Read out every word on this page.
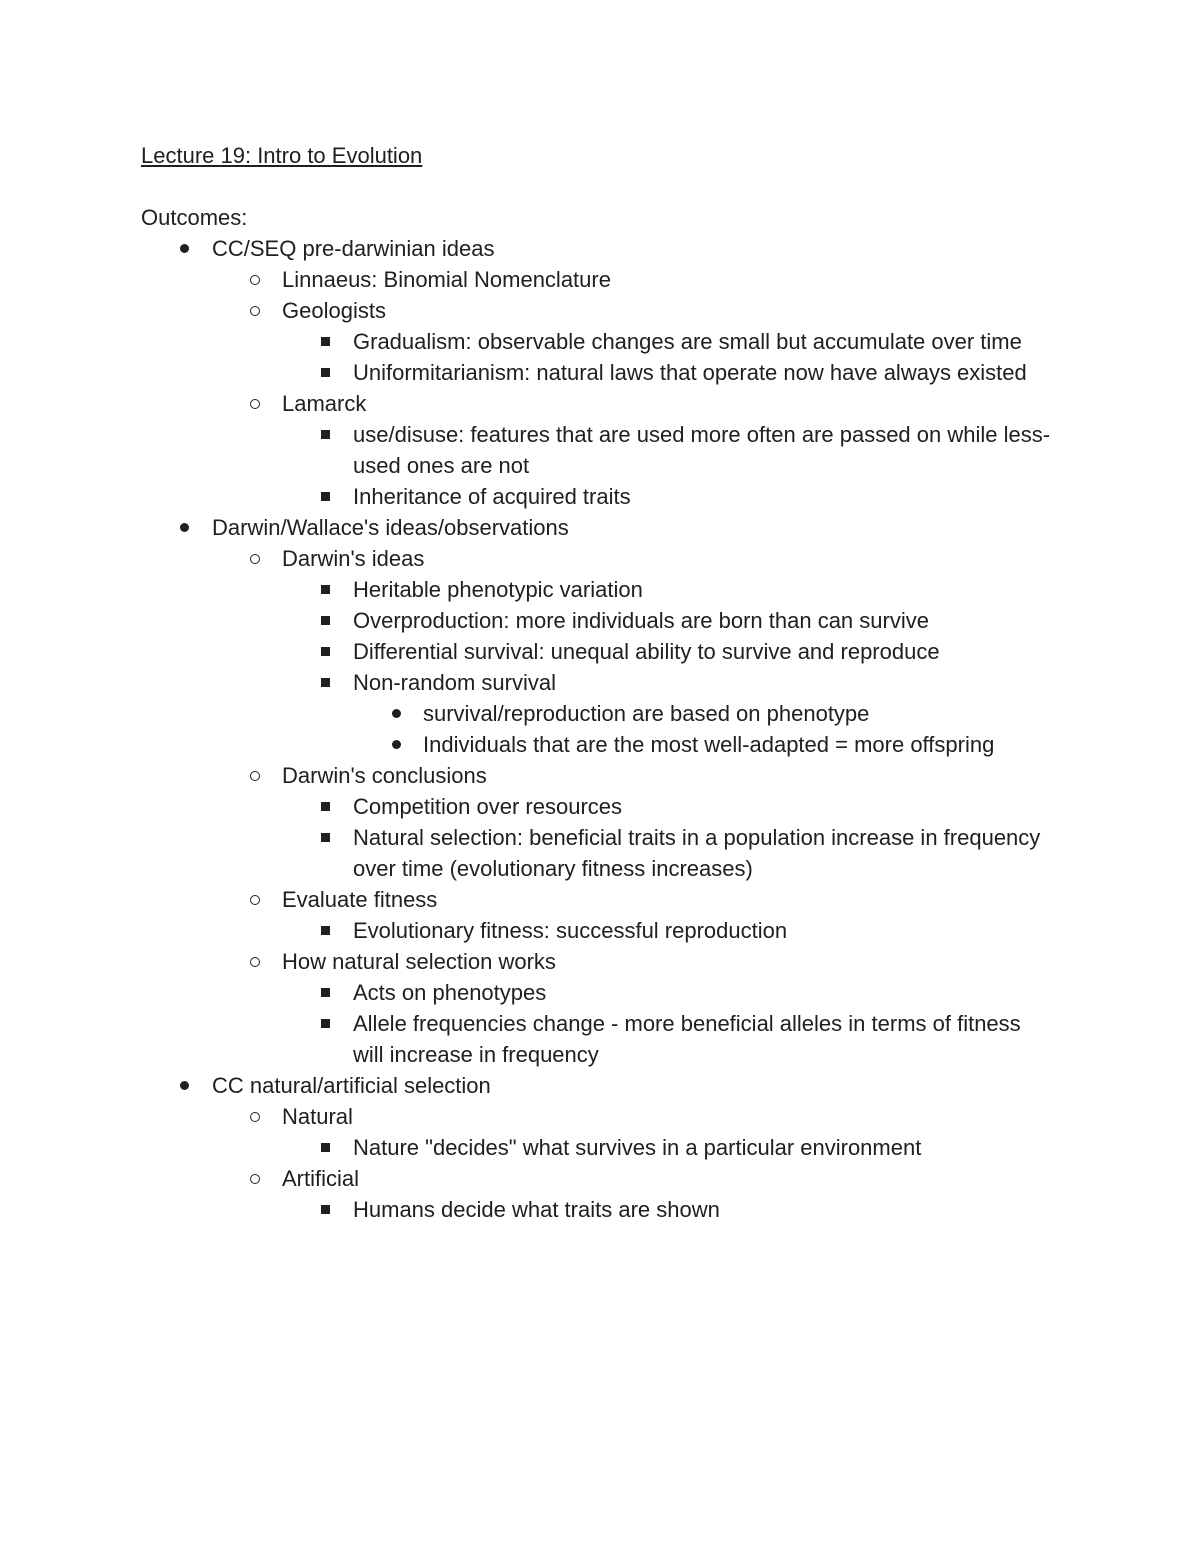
Lecture 19: Intro to Evolution
Outcomes:
CC/SEQ pre-darwinian ideas
Linnaeus: Binomial Nomenclature
Geologists
Gradualism: observable changes are small but accumulate over time
Uniformitarianism: natural laws that operate now have always existed
Lamarck
use/disuse: features that are used more often are passed on while less-used ones are not
Inheritance of acquired traits
Darwin/Wallace's ideas/observations
Darwin's ideas
Heritable phenotypic variation
Overproduction: more individuals are born than can survive
Differential survival: unequal ability to survive and reproduce
Non-random survival
survival/reproduction are based on phenotype
Individuals that are the most well-adapted = more offspring
Darwin's conclusions
Competition over resources
Natural selection: beneficial traits in a population increase in frequency over time (evolutionary fitness increases)
Evaluate fitness
Evolutionary fitness: successful reproduction
How natural selection works
Acts on phenotypes
Allele frequencies change - more beneficial alleles in terms of fitness will increase in frequency
CC natural/artificial selection
Natural
Nature "decides" what survives in a particular environment
Artificial
Humans decide what traits are shown
